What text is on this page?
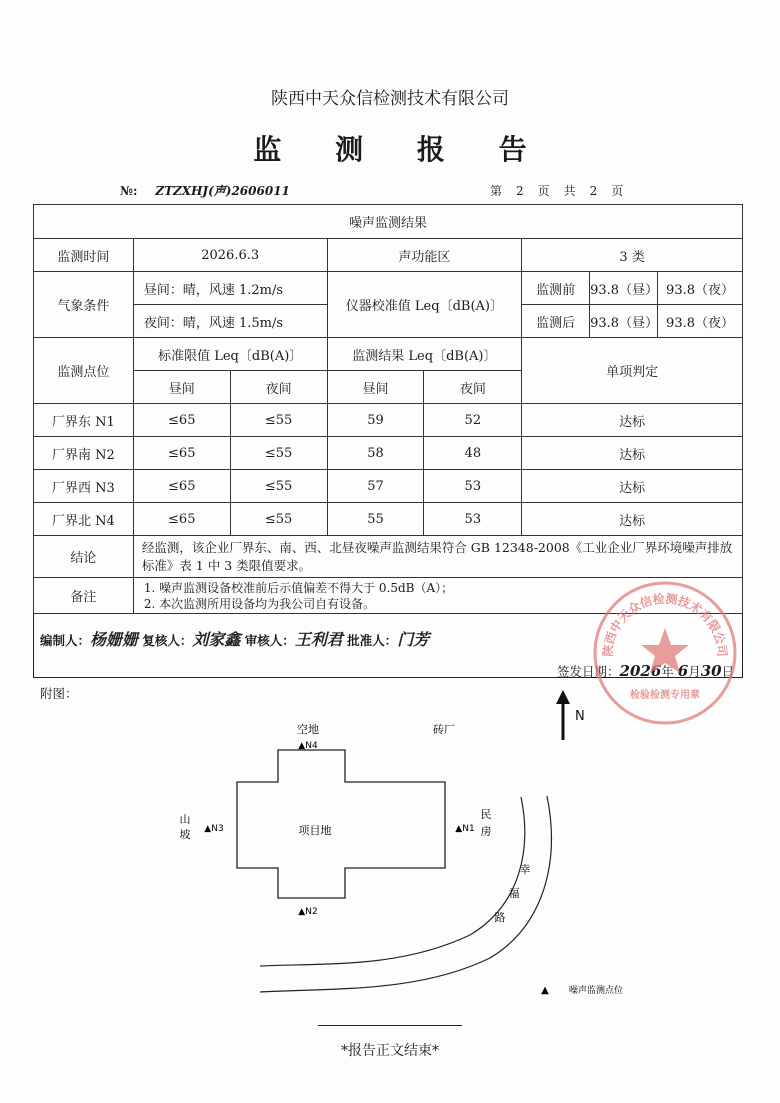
陕西中天众信检测技术有限公司
监 测 报 告
№: ZTZXHJ(声)2606011	第　2　页　共　2　页
噪声监测结果							
监测时间	2026.6.3		声功能区		3 类		
气象条件	昼间：晴，风速 1.2m/s		仪器校准值 Leq〔dB(A)〕		监测前	93.8（昼）	93.8（夜）
	夜间：晴，风速 1.5m/s				监测后	93.8（昼）	93.8（夜）
监测点位	标准限值 Leq〔dB(A)〕		监测结果 Leq〔dB(A)〕		单项判定		
	昼间	夜间	昼间	夜间			
厂界东 N1	≤65	≤55	59	52	达标		
厂界南 N2	≤65	≤55	58	48	达标		
厂界西 N3	≤65	≤55	57	53	达标		
厂界北 N4	≤65	≤55	55	53	达标		
结论	经监测，该企业厂界东、南、西、北昼夜噪声监测结果符合 GB 12348-2008《工业企业厂界环境噪声排放标准》表 1 中 3 类限值要求。						
备注	1. 噪声监测设备校准前后示值偏差不得大于 0.5dB（A）；
2. 本次监测所用设备均为我公司自有设备。						
编制人：杨姗姗 复核人：刘家鑫 审核人：王利君 批准人：门芳
签发日期：2026年 6月30日
陕西中天众信检测技术有限公司
检验检测专用章
附图：
N
项目地
空地	砖厂
山
坡
民
房
▲N4
▲N2
▲N3	▲N1
幸
福
路
▲ 噪声监测点位
*报告正文结束*
